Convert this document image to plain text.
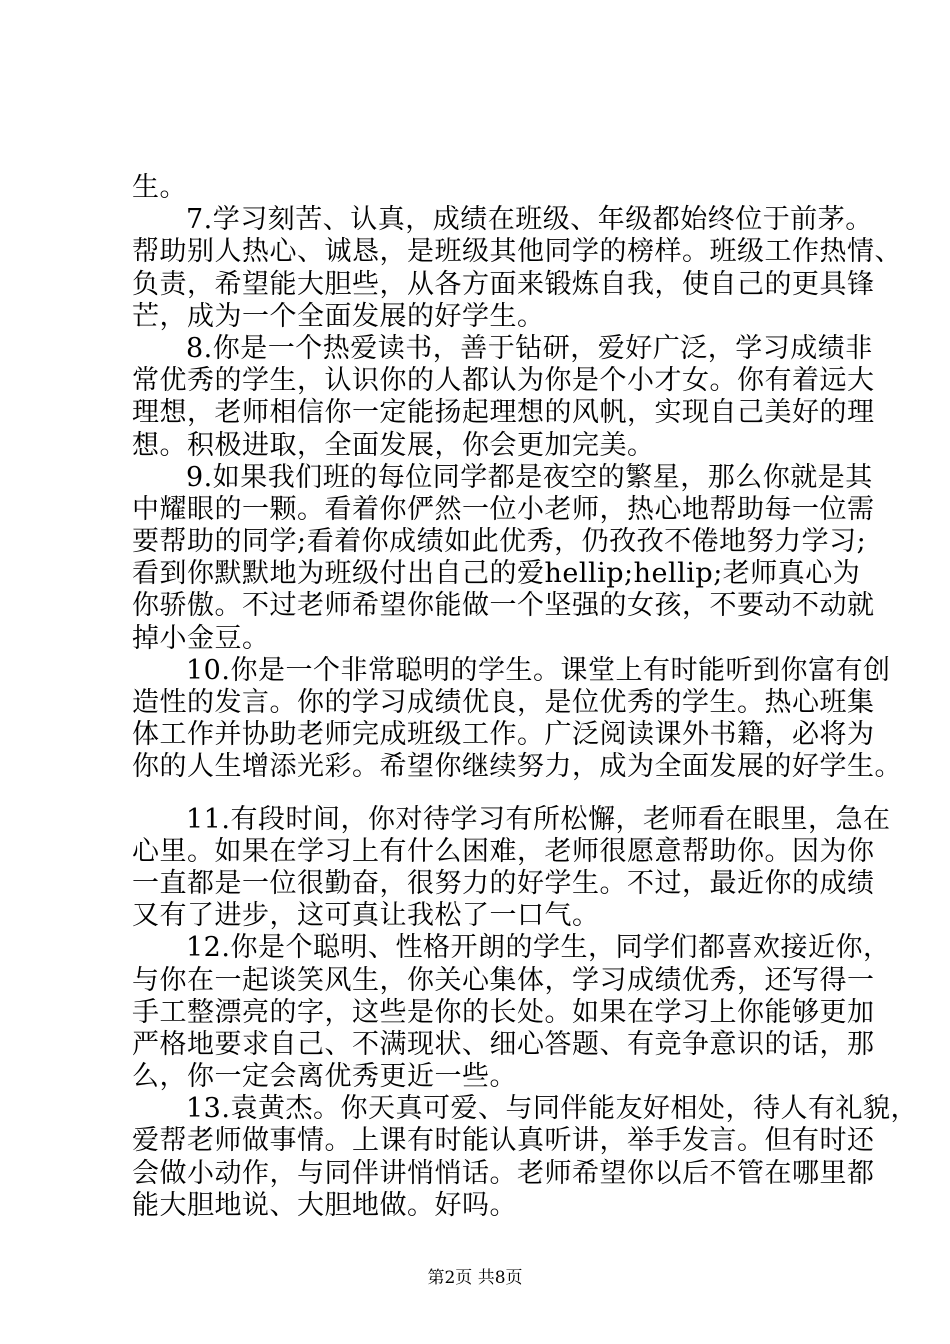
生。
7.学习刻苦、认真，成绩在班级、年级都始终位于前茅。
帮助别人热心、诚恳，是班级其他同学的榜样。班级工作热情、
负责，希望能大胆些，从各方面来锻炼自我，使自己的更具锋
芒，成为一个全面发展的好学生。
8.你是一个热爱读书，善于钻研，爱好广泛，学习成绩非
常优秀的学生，认识你的人都认为你是个小才女。你有着远大
理想，老师相信你一定能扬起理想的风帆，实现自己美好的理
想。积极进取，全面发展，你会更加完美。
9.如果我们班的每位同学都是夜空的繁星，那么你就是其
中耀眼的一颗。看着你俨然一位小老师，热心地帮助每一位需
要帮助的同学;看着你成绩如此优秀，仍孜孜不倦地努力学习;
看到你默默地为班级付出自己的爱hellip;hellip;老师真心为
你骄傲。不过老师希望你能做一个坚强的女孩，不要动不动就
掉小金豆。
10.你是一个非常聪明的学生。课堂上有时能听到你富有创
造性的发言。你的学习成绩优良，是位优秀的学生。热心班集
体工作并协助老师完成班级工作。广泛阅读课外书籍，必将为
你的人生增添光彩。希望你继续努力，成为全面发展的好学生。
11.有段时间，你对待学习有所松懈，老师看在眼里，急在
心里。如果在学习上有什么困难，老师很愿意帮助你。因为你
一直都是一位很勤奋，很努力的好学生。不过，最近你的成绩
又有了进步，这可真让我松了一口气。
12.你是个聪明、性格开朗的学生，同学们都喜欢接近你，
与你在一起谈笑风生，你关心集体，学习成绩优秀，还写得一
手工整漂亮的字，这些是你的长处。如果在学习上你能够更加
严格地要求自己、不满现状、细心答题、有竞争意识的话，那
么，你一定会离优秀更近一些。
13.袁黄杰。你天真可爱、与同伴能友好相处，待人有礼貌，
爱帮老师做事情。上课有时能认真听讲，举手发言。但有时还
会做小动作，与同伴讲悄悄话。老师希望你以后不管在哪里都
能大胆地说、大胆地做。好吗。
第2页 共8页
